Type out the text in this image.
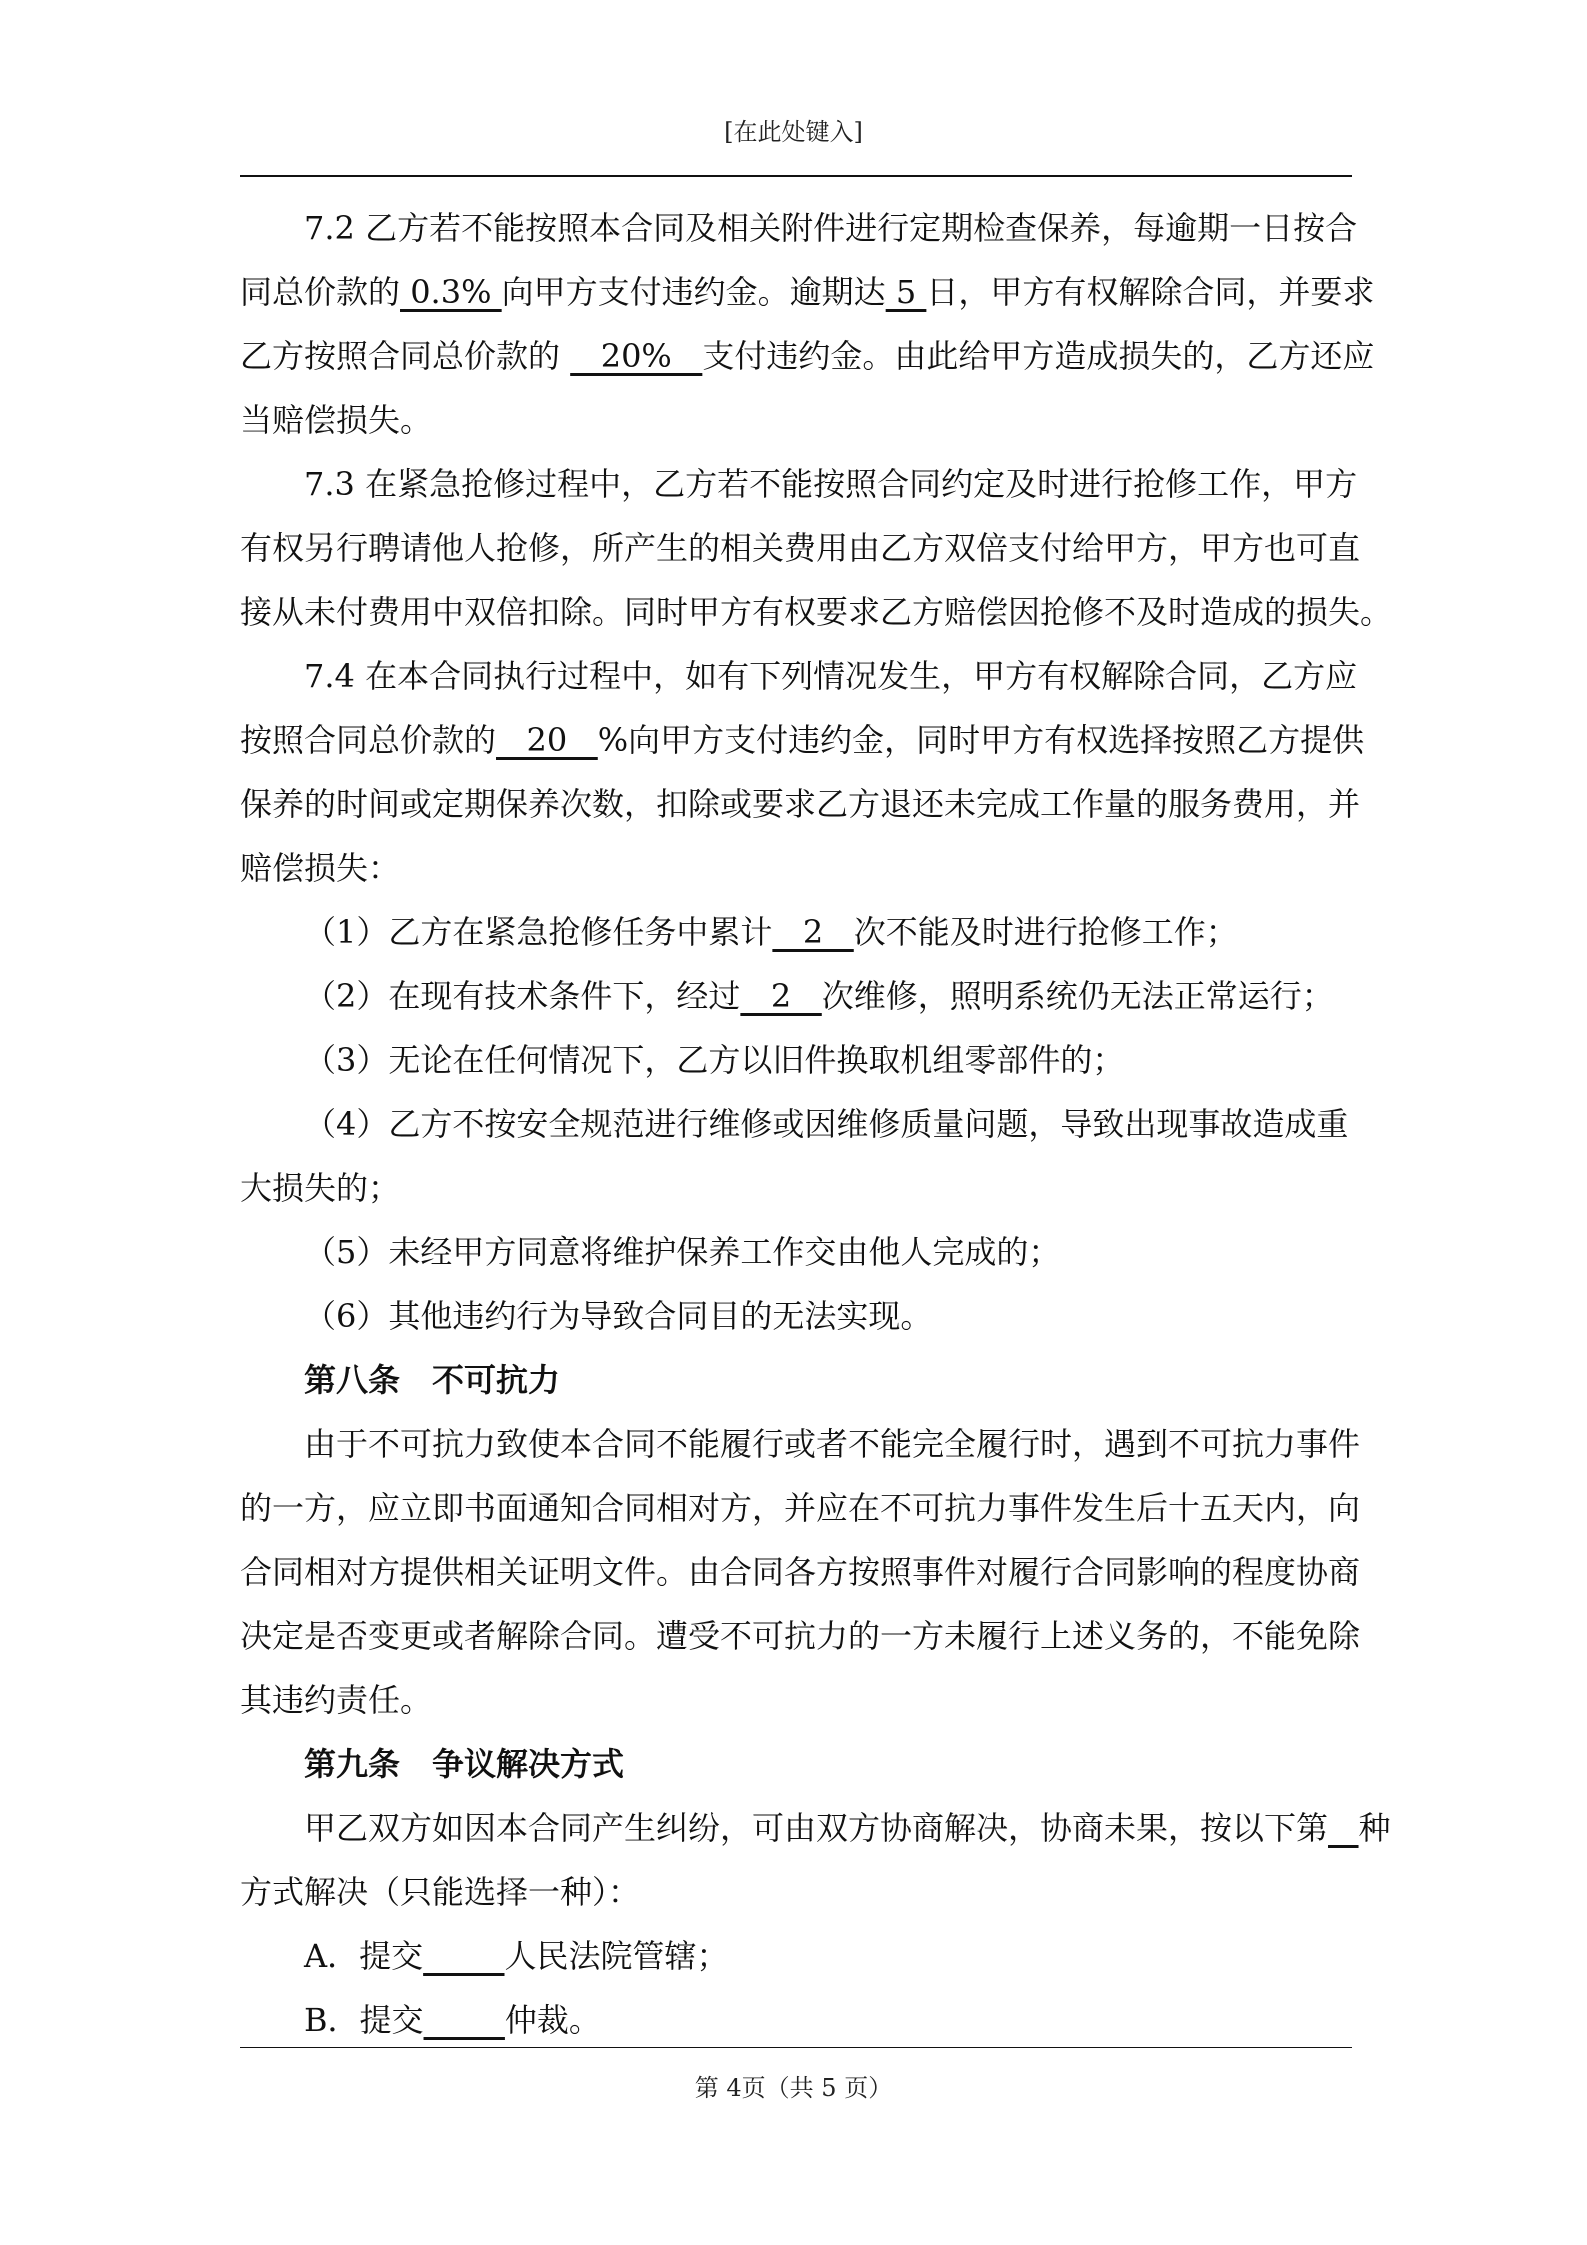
[在此处键入]
7.2 乙方若不能按照本合同及相关附件进行定期检查保养，每逾期一日按合
同总价款的 0.3% 向甲方支付违约金。逾期达 5 日，甲方有权解除合同，并要求
乙方按照合同总价款的    20%   支付违约金。由此给甲方造成损失的，乙方还应
当赔偿损失。
7.3 在紧急抢修过程中，乙方若不能按照合同约定及时进行抢修工作，甲方
有权另行聘请他人抢修，所产生的相关费用由乙方双倍支付给甲方，甲方也可直
接从未付费用中双倍扣除。同时甲方有权要求乙方赔偿因抢修不及时造成的损失。
7.4 在本合同执行过程中，如有下列情况发生，甲方有权解除合同，乙方应
按照合同总价款的   20   %向甲方支付违约金，同时甲方有权选择按照乙方提供
保养的时间或定期保养次数，扣除或要求乙方退还未完成工作量的服务费用，并
赔偿损失：
（1）乙方在紧急抢修任务中累计   2   次不能及时进行抢修工作；
（2）在现有技术条件下，经过   2   次维修，照明系统仍无法正常运行；
（3）无论在任何情况下，乙方以旧件换取机组零部件的；
（4）乙方不按安全规范进行维修或因维修质量问题，导致出现事故造成重
大损失的；
（5）未经甲方同意将维护保养工作交由他人完成的；
（6）其他违约行为导致合同目的无法实现。
第八条　不可抗力
由于不可抗力致使本合同不能履行或者不能完全履行时，遇到不可抗力事件
的一方，应立即书面通知合同相对方，并应在不可抗力事件发生后十五天内，向
合同相对方提供相关证明文件。由合同各方按照事件对履行合同影响的程度协商
决定是否变更或者解除合同。遭受不可抗力的一方未履行上述义务的，不能免除
其违约责任。
第九条　争议解决方式
甲乙双方如因本合同产生纠纷，可由双方协商解决，协商未果，按以下第 种
方式解决（只能选择一种）：
A．提交	人民法院管辖；
B．提交	仲裁。
第 4页（共 5 页）
